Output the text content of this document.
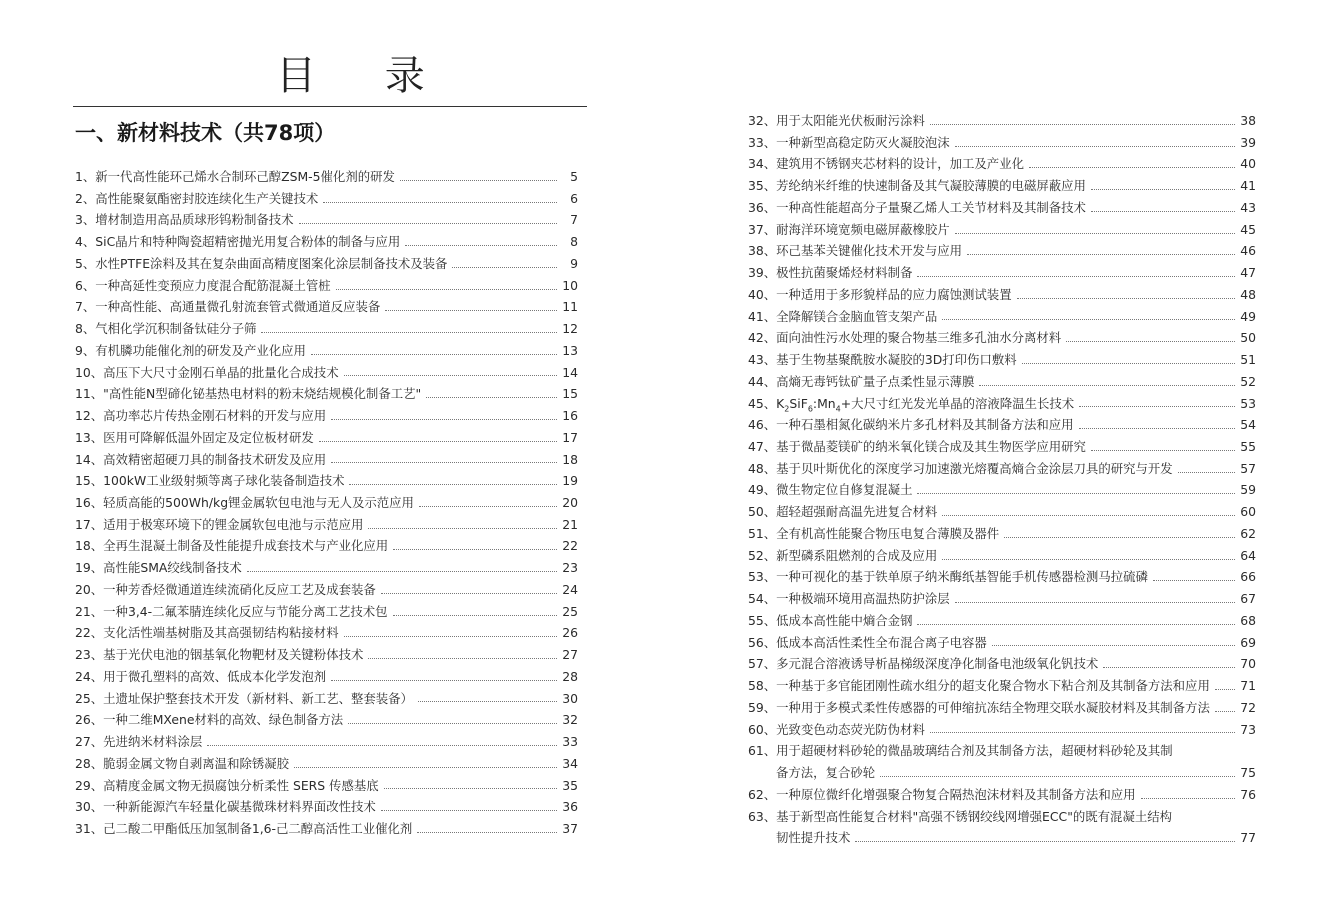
目 录
一、新材料技术（共78项）
1、新一代高性能环己烯水合制环己醇ZSM-5催化剂的研发	5
2、高性能聚氨酯密封胶连续化生产关键技术	6
3、增材制造用高品质球形钨粉制备技术	7
4、SiC晶片和特种陶瓷超精密抛光用复合粉体的制备与应用	8
5、水性PTFE涂料及其在复杂曲面高精度图案化涂层制备技术及装备	9
6、一种高延性变预应力度混合配筋混凝土管桩	10
7、一种高性能、高通量微孔射流套管式微通道反应装备	11
8、气相化学沉积制备钛硅分子筛	12
9、有机膦功能催化剂的研发及产业化应用	13
10、高压下大尺寸金刚石单晶的批量化合成技术	14
11、"高性能N型碲化铋基热电材料的粉末烧结规模化制备工艺"	15
12、高功率芯片传热金刚石材料的开发与应用	16
13、医用可降解低温外固定及定位板材研发	17
14、高效精密超硬刀具的制备技术研发及应用	18
15、100kW工业级射频等离子球化装备制造技术	19
16、轻质高能的500Wh/kg锂金属软包电池与无人及示范应用	20
17、适用于极寒环境下的锂金属软包电池与示范应用	21
18、全再生混凝土制备及性能提升成套技术与产业化应用	22
19、高性能SMA绞线制备技术	23
20、一种芳香烃微通道连续流硝化反应工艺及成套装备	24
21、一种3,4-二氟苯腈连续化反应与节能分离工艺技术包	25
22、支化活性端基树脂及其高强韧结构粘接材料	26
23、基于光伏电池的铟基氧化物靶材及关键粉体技术	27
24、用于微孔塑料的高效、低成本化学发泡剂	28
25、土遗址保护整套技术开发（新材料、新工艺、整套装备）	30
26、一种二维MXene材料的高效、绿色制备方法	32
27、先进纳米材料涂层	33
28、脆弱金属文物自剥离温和除锈凝胶	34
29、高精度金属文物无损腐蚀分析柔性 SERS 传感基底	35
30、一种新能源汽车轻量化碳基微珠材料界面改性技术	36
31、己二酸二甲酯低压加氢制备1,6-己二醇高活性工业催化剂	37
32、用于太阳能光伏板耐污涂料	38
33、一种新型高稳定防灭火凝胶泡沫	39
34、建筑用不锈钢夹芯材料的设计，加工及产业化	40
35、芳纶纳米纤维的快速制备及其气凝胶薄膜的电磁屏蔽应用	41
36、一种高性能超高分子量聚乙烯人工关节材料及其制备技术	43
37、耐海洋环境宽频电磁屏蔽橡胶片	45
38、环己基苯关键催化技术开发与应用	46
39、极性抗菌聚烯烃材料制备	47
40、一种适用于多形貌样品的应力腐蚀测试装置	48
41、全降解镁合金脑血管支架产品	49
42、面向油性污水处理的聚合物基三维多孔油水分离材料	50
43、基于生物基聚酰胺水凝胶的3D打印伤口敷料	51
44、高熵无毒钙钛矿量子点柔性显示薄膜	52
45、$K_2SiF_6:Mn_4+$大尺寸红光发光单晶的溶液降温生长技术	53
46、一种石墨相氮化碳纳米片多孔材料及其制备方法和应用	54
47、基于微晶菱镁矿的纳米氧化镁合成及其生物医学应用研究	55
48、基于贝叶斯优化的深度学习加速激光熔覆高熵合金涂层刀具的研究与开发	57
49、微生物定位自修复混凝土	59
50、超轻超强耐高温先进复合材料	60
51、全有机高性能聚合物压电复合薄膜及器件	62
52、新型磷系阻燃剂的合成及应用	64
53、一种可视化的基于铁单原子纳米酶纸基智能手机传感器检测马拉硫磷	66
54、一种极端环境用高温热防护涂层	67
55、低成本高性能中熵合金钢	68
56、低成本高活性柔性全布混合离子电容器	69
57、多元混合溶液诱导析晶梯级深度净化制备电池级氧化钒技术	70
58、一种基于多官能团刚性疏水组分的超支化聚合物水下粘合剂及其制备方法和应用 71
59、一种用于多模式柔性传感器的可伸缩抗冻结全物理交联水凝胶材料及其制备方法 72
60、光致变色动态荧光防伪材料	73
61、用于超硬材料砂轮的微晶玻璃结合剂及其制备方法，超硬材料砂轮及其制
备方法，复合砂轮	75
62、一种原位微纤化增强聚合物复合隔热泡沫材料及其制备方法和应用	76
63、基于新型高性能复合材料"高强不锈钢绞线网增强ECC"的既有混凝土结构
韧性提升技术	77
